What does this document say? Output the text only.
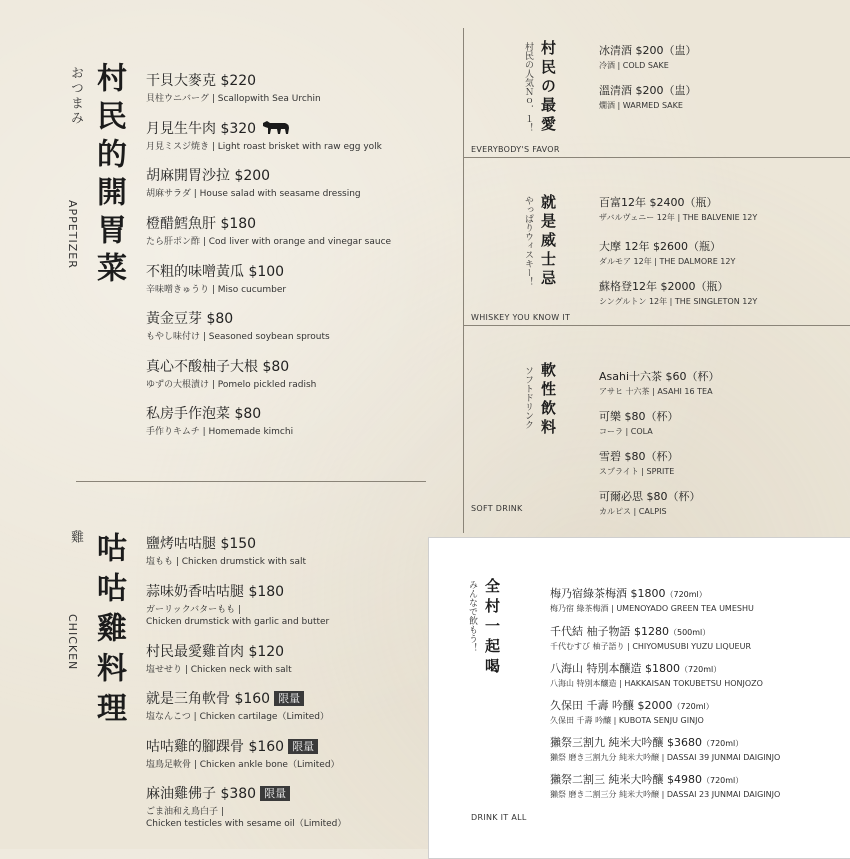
村民的開胃菜
おつまみ
APPETIZER
干貝大麥克 $220
貝柱ウニバーグ | Scallopwith Sea Urchin
月見生牛肉 $320
月見ミスジ焼き | Light roast brisket with raw egg yolk
胡麻開胃沙拉 $200
胡麻サラダ | House salad with seasame dressing
橙醋鱈魚肝 $180
たら肝ポン酢 | Cod liver with orange and vinegar sauce
不粗的味噌黃瓜 $100
辛味噌きゅうり | Miso cucumber
黃金豆芽 $80
もやし味付け | Seasoned soybean sprouts
真心不酸柚子大根 $80
ゆずの大根漬け | Pomelo pickled radish
私房手作泡菜 $80
手作りキムチ | Homemade kimchi
咕咕雞料理
雞
CHICKEN
鹽烤咕咕腿 $150
塩もも | Chicken drumstick with salt
蒜味奶香咕咕腿 $180
ガーリックバターもも |
Chicken drumstick with garlic and butter
村民最愛雞首肉 $120
塩せせり | Chicken neck with salt
就是三角軟骨 $160 限量
塩なんこつ | Chicken cartilage（Limited）
咕咕雞的腳踝骨 $160 限量
塩鳥足軟骨 | Chicken ankle bone（Limited）
麻油雞佛子 $380 限量
ごま油和え鳥白子 |
Chicken testicles with sesame oil（Limited）
村民の最愛
村民の人気Ｎｏ．１！
EVERYBODY'S FAVOR
冰清酒 $200（盅）
冷酒 | COLD SAKE
溫清酒 $200（盅）
燗酒 | WARMED SAKE
就是威士忌
やっぱりウィスキー！
WHISKEY YOU KNOW IT
百富12年 $2400（瓶）
ザバルヴェニー 12年 | THE BALVENIE 12Y
大摩 12年 $2600（瓶）
ダルモア 12年 | THE DALMORE 12Y
蘇格登12年 $2000（瓶）
シングルトン 12年 | THE SINGLETON 12Y
軟性飲料
ソフトドリンク
SOFT DRINK
Asahi十六茶 $60（杯）
アサヒ 十六茶 | ASAHI 16 TEA
可樂 $80（杯）
コーラ | COLA
雪碧 $80（杯）
スプライト | SPRITE
可爾必思 $80（杯）
カルピス | CALPIS
全村一起喝
みんなで飲もう！
DRINK IT ALL
梅乃宿綠茶梅酒 $1800（720ml）
梅乃宿 綠茶梅酒 | UMENOYADO GREEN TEA UMESHU
千代結 柚子物語 $1280（500ml）
千代むすび 柚子語り | CHIYOMUSUBI YUZU LIQUEUR
八海山 特別本釀造 $1800（720ml）
八海山 特別本釀造 | HAKKAISAN TOKUBETSU HONJOZO
久保田 千壽 吟釀 $2000（720ml）
久保田 千壽 吟釀 | KUBOTA SENJU GINJO
獺祭三割九 純米大吟釀 $3680（720ml）
獺祭 磨き三割九分 純米大吟醸 | DASSAI 39 JUNMAI DAIGINJO
獺祭二割三 純米大吟釀 $4980（720ml）
獺祭 磨き二割三分 純米大吟醸 | DASSAI 23 JUNMAI DAIGINJO
